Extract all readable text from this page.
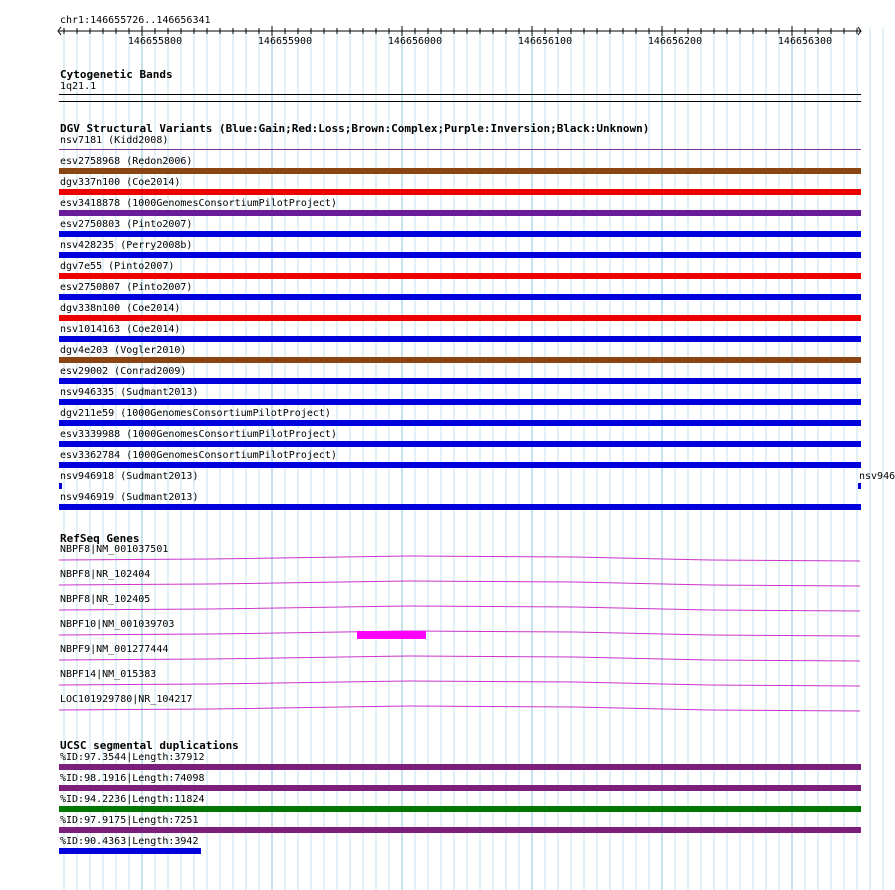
146655800	146655900	146656000	146656100	146656200	146656300
chr1:146655726..146656341
Cytogenetic Bands
1q21.1
DGV Structural Variants (Blue:Gain;Red:Loss;Brown:Complex;Purple:Inversion;Black:Unknown)
nsv7181 (Kidd2008)
esv2758968 (Redon2006)
dgv337n100 (Coe2014)
esv3418878 (1000GenomesConsortiumPilotProject)
esv2750803 (Pinto2007)
nsv428235 (Perry2008b)
dgv7e55 (Pinto2007)
esv2750807 (Pinto2007)
dgv338n100 (Coe2014)
nsv1014163 (Coe2014)
dgv4e203 (Vogler2010)
esv29002 (Conrad2009)
nsv946335 (Sudmant2013)
dgv211e59 (1000GenomesConsortiumPilotProject)
esv3339988 (1000GenomesConsortiumPilotProject)
esv3362784 (1000GenomesConsortiumPilotProject)
nsv946918 (Sudmant2013)
nsv946919 (Sudmant2013)
nsv946
RefSeq Genes
NBPF8|NM_001037501
NBPF8|NR_102404
NBPF8|NR_102405
NBPF10|NM_001039703
NBPF9|NM_001277444
NBPF14|NM_015383
LOC101929780|NR_104217
UCSC segmental duplications
%ID:97.3544|Length:37912
%ID:98.1916|Length:74098
%ID:94.2236|Length:11824
%ID:97.9175|Length:7251
%ID:90.4363|Length:3942
